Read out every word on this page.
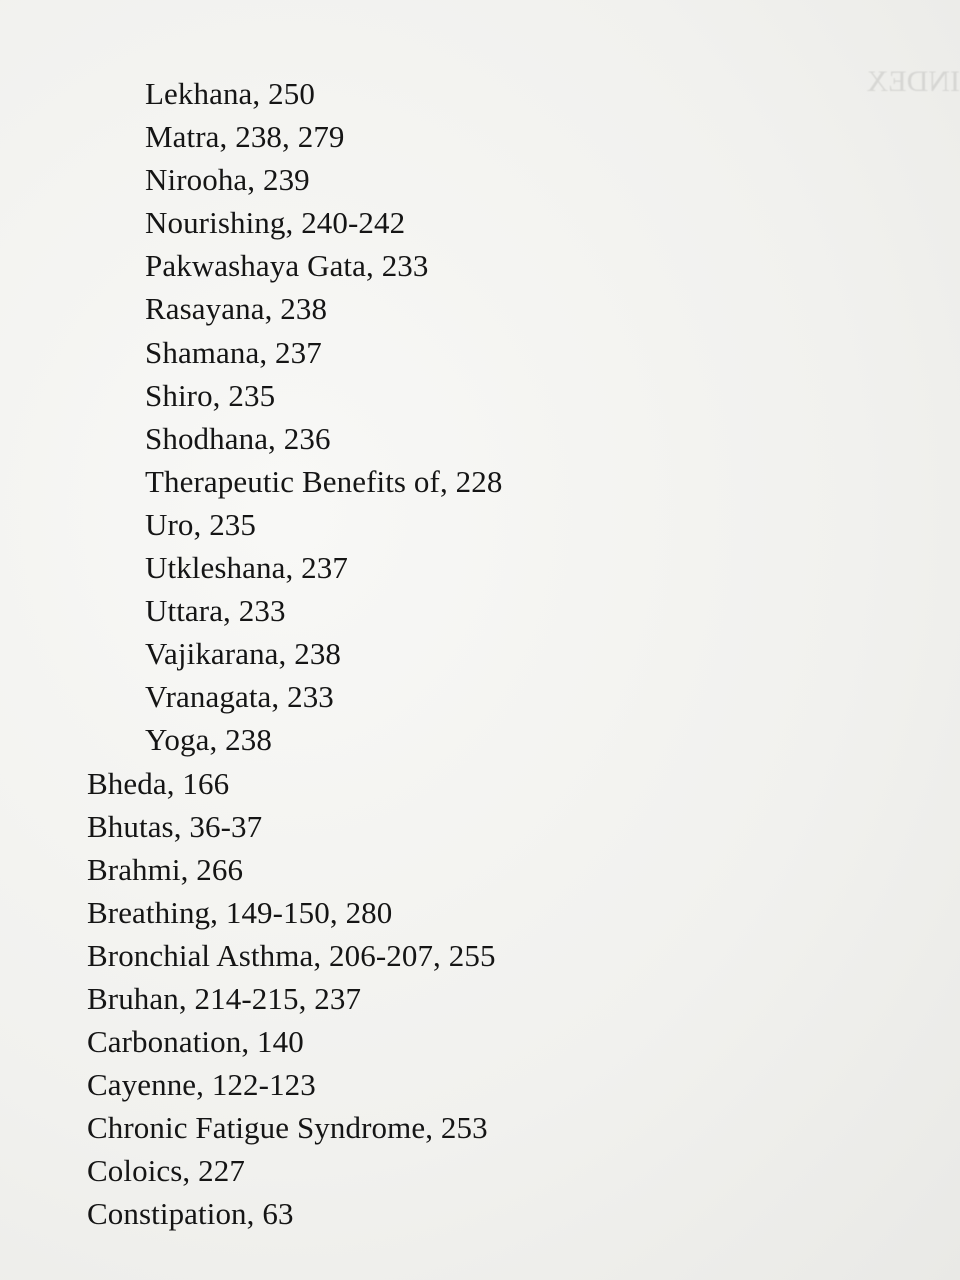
INDEX

Lekhana, 250
Matra, 238, 279
Nirooha, 239
Nourishing, 240-242
Pakwashaya Gata, 233
Rasayana, 238
Shamana, 237
Shiro, 235
Shodhana, 236
Therapeutic Benefits of, 228
Uro, 235
Utkleshana, 237
Uttara, 233
Vajikarana, 238
Vranagata, 233
Yoga, 238
Bheda, 166
Bhutas, 36-37
Brahmi, 266
Breathing, 149-150, 280
Bronchial Asthma, 206-207, 255
Bruhan, 214-215, 237
Carbonation, 140
Cayenne, 122-123
Chronic Fatigue Syndrome, 253
Coloics, 227
Constipation, 63
